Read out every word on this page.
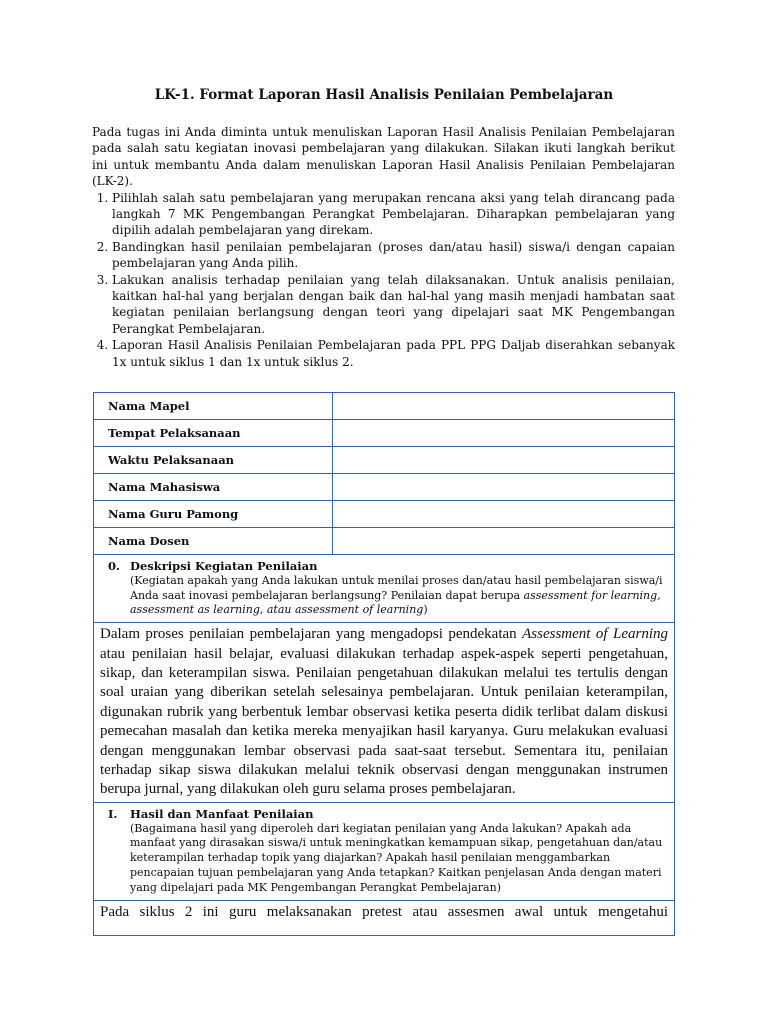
LK-1. Format Laporan Hasil Analisis Penilaian Pembelajaran

Pada tugas ini Anda diminta untuk menuliskan Laporan Hasil Analisis Penilaian Pembelajaran pada salah satu kegiatan inovasi pembelajaran yang dilakukan. Silakan ikuti langkah berikut ini untuk membantu Anda dalam menuliskan Laporan Hasil Analisis Penilaian Pembelajaran (LK-2).

1. Pilihlah salah satu pembelajaran yang merupakan rencana aksi yang telah dirancang pada langkah 7 MK Pengembangan Perangkat Pembelajaran. Diharapkan pembelajaran yang dipilih adalah pembelajaran yang direkam.
2. Bandingkan hasil penilaian pembelajaran (proses dan/atau hasil) siswa/i dengan capaian pembelajaran yang Anda pilih.
3. Lakukan analisis terhadap penilaian yang telah dilaksanakan. Untuk analisis penilaian, kaitkan hal-hal yang berjalan dengan baik dan hal-hal yang masih menjadi hambatan saat kegiatan penilaian berlangsung dengan teori yang dipelajari saat MK Pengembangan Perangkat Pembelajaran.
4. Laporan Hasil Analisis Penilaian Pembelajaran pada PPL PPG Daljab diserahkan sebanyak 1x untuk siklus 1 dan 1x untuk siklus 2.
Nama Mapel	
Tempat Pelaksanaan	
Waktu Pelaksanaan	
Nama Mahasiswa	
Nama Guru Pamong	
Nama Dosen	

0. Deskripsi Kegiatan Penilaian
(Kegiatan apakah yang Anda lakukan untuk menilai proses dan/atau hasil pembelajaran siswa/i Anda saat inovasi pembelajaran berlangsung? Penilaian dapat berupa assessment for learning, assessment as learning, atau assessment of learning)	

Dalam proses penilaian pembelajaran yang mengadopsi pendekatan Assessment of Learning atau penilaian hasil belajar, evaluasi dilakukan terhadap aspek-aspek seperti pengetahuan, sikap, dan keterampilan siswa. Penilaian pengetahuan dilakukan melalui tes tertulis dengan soal uraian yang diberikan setelah selesainya pembelajaran. Untuk penilaian keterampilan, digunakan rubrik yang berbentuk lembar observasi ketika peserta didik terlibat dalam diskusi pemecahan masalah dan ketika mereka menyajikan hasil karyanya. Guru melakukan evaluasi dengan menggunakan lembar observasi pada saat-saat tersebut. Sementara itu, penilaian terhadap sikap siswa dilakukan melalui teknik observasi dengan menggunakan instrumen berupa jurnal, yang dilakukan oleh guru selama proses pembelajaran.	

I. Hasil dan Manfaat Penilaian
(Bagaimana hasil yang diperoleh dari kegiatan penilaian yang Anda lakukan? Apakah ada manfaat yang dirasakan siswa/i untuk meningkatkan kemampuan sikap, pengetahuan dan/atau keterampilan terhadap topik yang diajarkan? Apakah hasil penilaian menggambarkan pencapaian tujuan pembelajaran yang Anda tetapkan? Kaitkan penjelasan Anda dengan materi yang dipelajari pada MK Pengembangan Perangkat Pembelajaran)	

Pada siklus 2 ini guru melaksanakan pretest atau assesmen awal untuk mengetahui	
